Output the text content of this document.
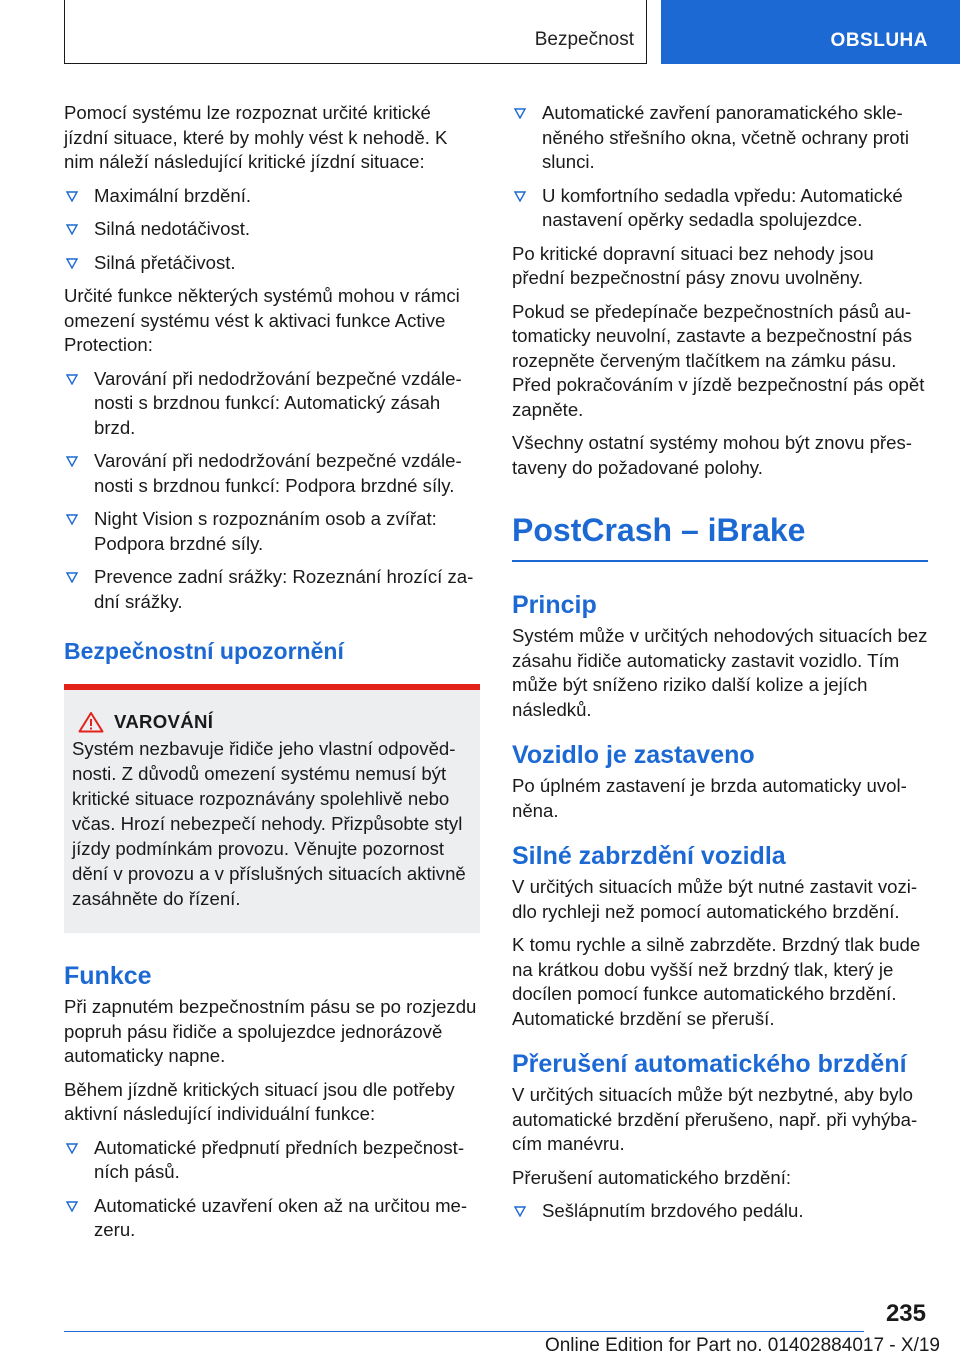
Bezpečnost	OBSLUHA

Pomocí systému lze rozpoznat určité kritické jízdní situace, které by mohly vést k nehodě. K nim náleží následující kritické jízdní situace:

Maximální brzdění.
Silná nedotáčivost.
Silná přetáčivost.

Určité funkce některých systémů mohou v rámci omezení systému vést k aktivaci funkce Active Protection:

Varování při nedodržování bezpečné vzdálenosti s brzdnou funkcí: Automatický zásah brzd.
Varování při nedodržování bezpečné vzdálenosti s brzdnou funkcí: Podpora brzdné síly.
Night Vision s rozpoznáním osob a zvířat: Podpora brzdné síly.
Prevence zadní srážky: Rozeznání hrozící zadní srážky.
Bezpečnostní upozornění
VAROVÁNÍ
Systém nezbavuje řidiče jeho vlastní odpovědnosti. Z důvodů omezení systému nemusí být kritické situace rozpoznávány spolehlivě nebo včas. Hrozí nebezpečí nehody. Přizpůsobte styl jízdy podmínkám provozu. Věnujte pozornost dění v provozu a v příslušných situacích aktivně zasáhněte do řízení.
Funkce

Při zapnutém bezpečnostním pásu se po rozjezdu popruh pásu řidiče a spolujezdce jednorázově automaticky napne.

Během jízdně kritických situací jsou dle potřeby aktivní následující individuální funkce:

Automatické předpnutí předních bezpečnostních pásů.
Automatické uzavření oken až na určitou mezeru.
Automatické zavření panoramatického skleněného střešního okna, včetně ochrany proti slunci.
U komfortního sedadla vpředu: Automatické nastavení opěrky sedadla spolujezdce.

Po kritické dopravní situaci bez nehody jsou přední bezpečnostní pásy znovu uvolněny.

Pokud se předepínače bezpečnostních pásů automaticky neuvolní, zastavte a bezpečnostní pás rozepněte červeným tlačítkem na zámku pásu. Před pokračováním v jízdě bezpečnostní pás opět zapněte.

Všechny ostatní systémy mohou být znovu přestaveny do požadované polohy.

PostCrash – iBrake
Princip

Systém může v určitých nehodových situacích bez zásahu řidiče automaticky zastavit vozidlo. Tím může být sníženo riziko další kolize a jejích následků.

Vozidlo je zastaveno

Po úplném zastavení je brzda automaticky uvolněna.

Silné zabrzdění vozidla

V určitých situacích může být nutné zastavit vozidlo rychleji než pomocí automatického brzdění.

K tomu rychle a silně zabrzděte. Brzdný tlak bude na krátkou dobu vyšší než brzdný tlak, který je docílen pomocí funkce automatického brzdění. Automatické brzdění se přeruší.

Přerušení automatického brzdění

V určitých situacích může být nezbytné, aby bylo automatické brzdění přerušeno, např. při vyhýbacím manévru.

Přerušení automatického brzdění:

Sešlápnutím brzdového pedálu.
235
Online Edition for Part no. 01402884017 - X/19
